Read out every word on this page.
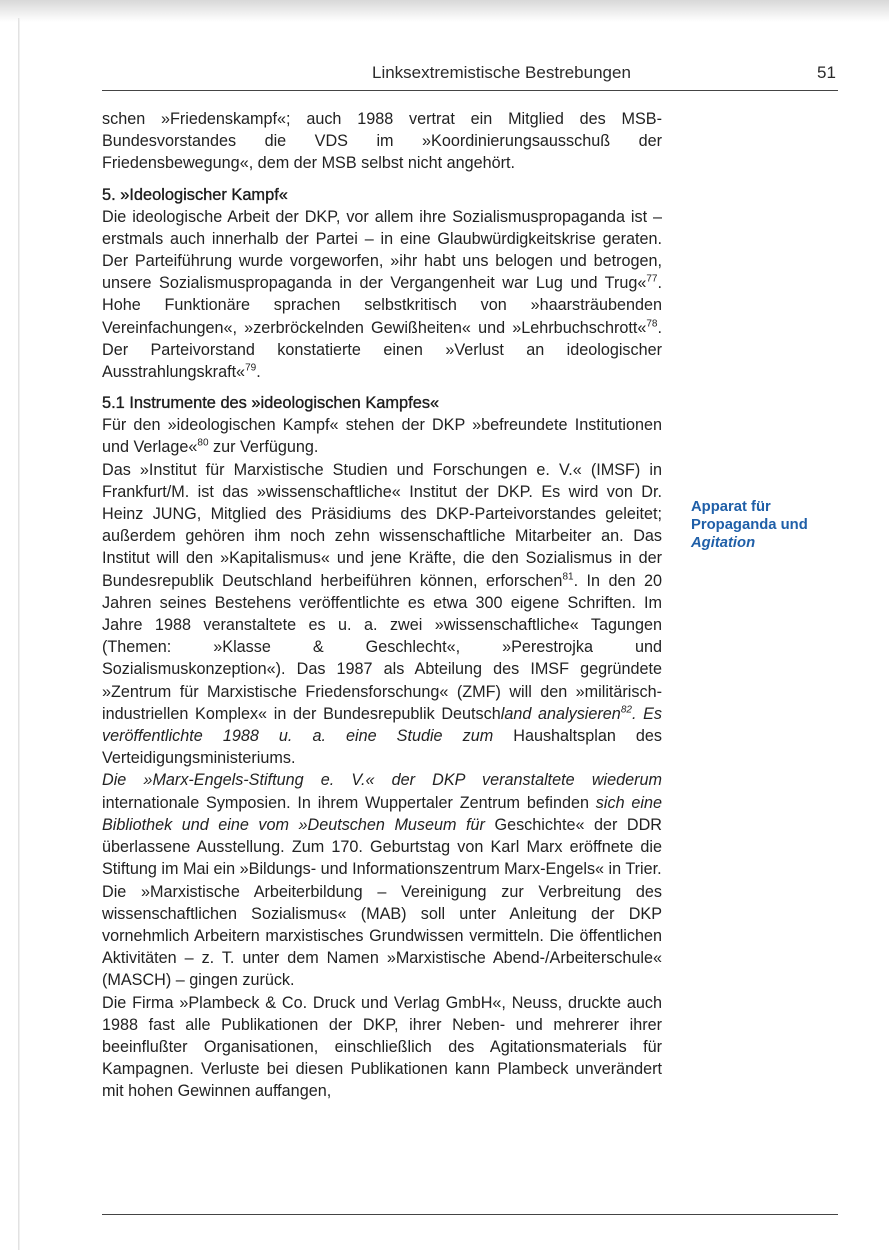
Linksextremistische Bestrebungen	51

schen »Friedenskampf«; auch 1988 vertrat ein Mitglied des MSB-Bundesvorstandes die VDS im »Koordinierungsausschuß der Friedensbewegung«, dem der MSB selbst nicht angehört.

5. »Ideologischer Kampf«

Die ideologische Arbeit der DKP, vor allem ihre Sozialismuspropaganda ist – erstmals auch innerhalb der Partei – in eine Glaubwürdigkeitskrise geraten. Der Parteiführung wurde vorgeworfen, »ihr habt uns belogen und betrogen, unsere Sozialismuspropaganda in der Vergangenheit war Lug und Trug«$^{77}$. Hohe Funktionäre sprachen selbstkritisch von »haarsträubenden Vereinfachungen«, »zerbröckelnden Gewißheiten« und »Lehrbuchschrott«$^{78}$. Der Parteivorstand konstatierte einen »Verlust an ideologischer Ausstrahlungskraft«$^{79}$.

5.1 Instrumente des »ideologischen Kampfes«

Für den »ideologischen Kampf« stehen der DKP »befreundete Institutionen und Verlage«$^{80}$ zur Verfügung.

Das »Institut für Marxistische Studien und Forschungen e. V.« (IMSF) in Frankfurt/M. ist das »wissenschaftliche« Institut der DKP. Es wird von Dr. Heinz JUNG, Mitglied des Präsidiums des DKP-Parteivorstandes geleitet; außerdem gehören ihm noch zehn wissenschaftliche Mitarbeiter an. Das Institut will den »Kapitalismus« und jene Kräfte, die den Sozialismus in der Bundesrepublik Deutschland herbeiführen können, erforschen$^{81}$. In den 20 Jahren seines Bestehens veröffentlichte es etwa 300 eigene Schriften. Im Jahre 1988 veranstaltete es u. a. zwei »wissenschaftliche« Tagungen (Themen: »Klasse & Geschlecht«, »Perestrojka und Sozialismuskonzeption«). Das 1987 als Abteilung des IMSF gegründete »Zentrum für Marxistische Friedensforschung« (ZMF) will den »militärisch-industriellen Komplex« in der Bundesrepublik Deutschland analysieren$^{82}$. Es veröffentlichte 1988 u. a. eine Studie zum Haushaltsplan des Verteidigungsministeriums.

Die »Marx-Engels-Stiftung e. V.« der DKP veranstaltete wiederum internationale Symposien. In ihrem Wuppertaler Zentrum befinden sich eine Bibliothek und eine vom »Deutschen Museum für Geschichte« der DDR überlassene Ausstellung. Zum 170. Geburtstag von Karl Marx eröffnete die Stiftung im Mai ein »Bildungs- und Informationszentrum Marx-Engels« in Trier.

Die »Marxistische Arbeiterbildung – Vereinigung zur Verbreitung des wissenschaftlichen Sozialismus« (MAB) soll unter Anleitung der DKP vornehmlich Arbeitern marxistisches Grundwissen vermitteln. Die öffentlichen Aktivitäten – z. T. unter dem Namen »Marxistische Abend-/Arbeiterschule« (MASCH) – gingen zurück.

Die Firma »Plambeck & Co. Druck und Verlag GmbH«, Neuss, druckte auch 1988 fast alle Publikationen der DKP, ihrer Neben- und mehrerer ihrer beeinflußter Organisationen, einschließlich des Agitationsmaterials für Kampagnen. Verluste bei diesen Publikationen kann Plambeck unverändert mit hohen Gewinnen auffangen,

Apparat für
Propaganda und
Agitation
